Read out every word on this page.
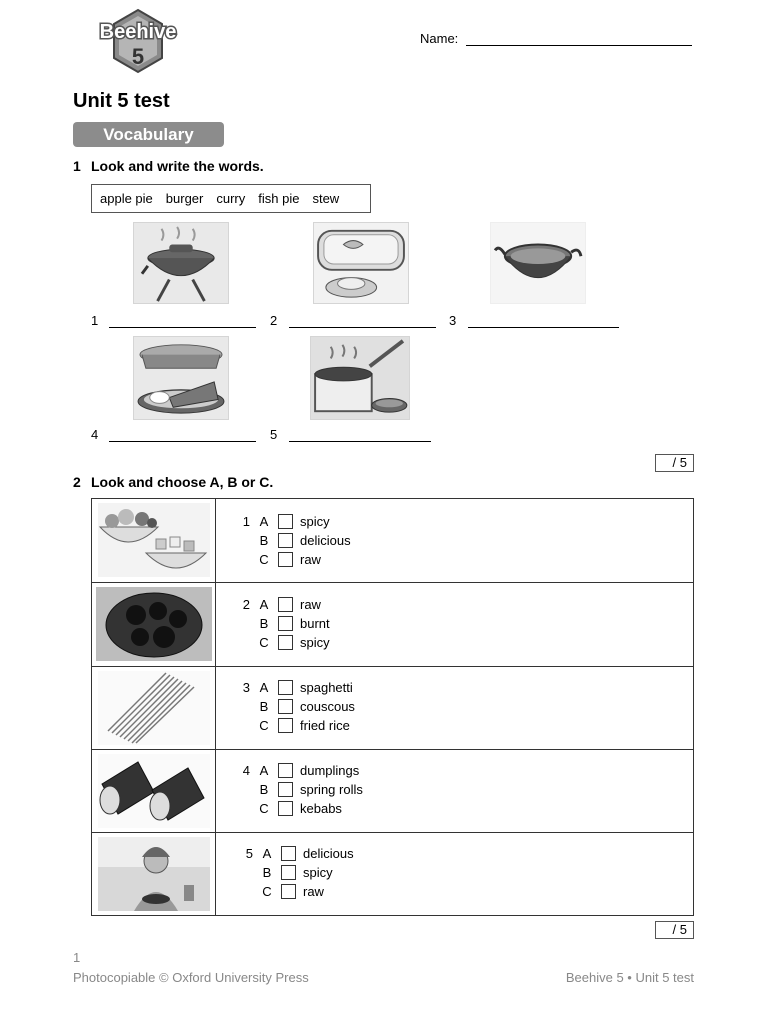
Beehive
5
Name:
Unit 5 test
Vocabulary
1 Look and write the words.
apple pie burger curry fish pie stew
1	2	3
4	5
/ 5
2 Look and choose A, B or C.
1 A spicy
B delicious
C raw
2 A raw
B burnt
C spicy
3 A spaghetti
B couscous
C fried rice
4 A dumplings
B spring rolls
C kebabs
5 A delicious
B spicy
C raw
/ 5
1
Photocopiable © Oxford University Press	Beehive 5 • Unit 5 test
